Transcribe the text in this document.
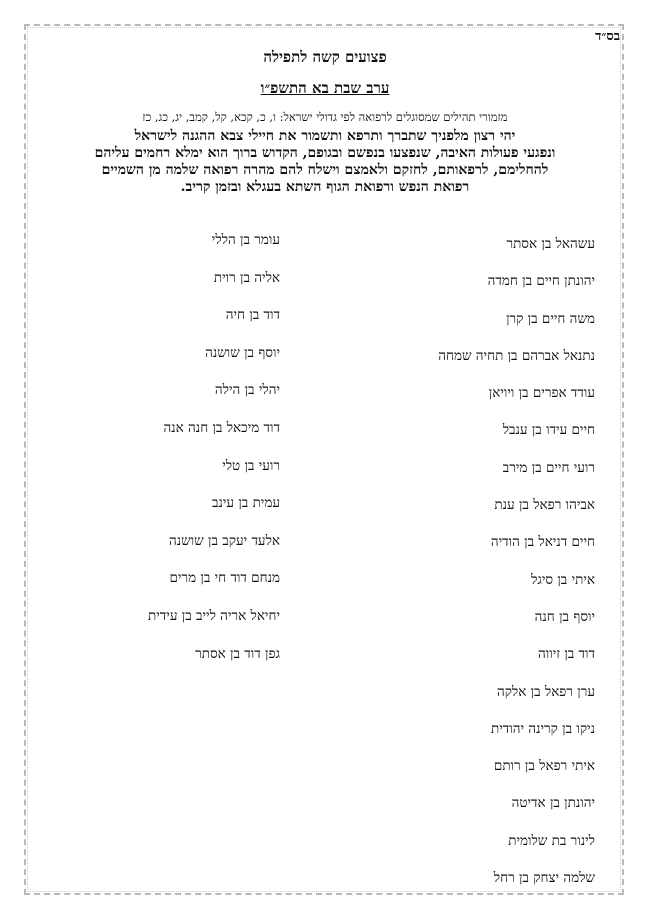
בס״ד
פצועים קשה לתפילה
ערב שבת בא התשפ״ו
מזמורי תהילים שמסוגלים לרפואה לפי גדולי ישראל: ו, כ, קכא, קל, קמב, יג, כג, כז
יהי רצון מלפניך שתברך ותרפא ותשמור את חיילי צבא ההגנה לישראל
ונפגעי פעולות האיבה, שנפצעו בנפשם ובגופם, הקדוש ברוך הוא ימלא רחמים עליהם
להחלימם, לרפאותם, לחזקם ולאמצם וישלח להם מהרה רפואה שלמה מן השמיים
רפואת הנפש ורפואת הגוף השתא בעגלא ובזמן קריב.
עשהאל בן אסתר
יהונתן חיים בן חמדה
משה חיים בן קרן
נתנאל אברהם בן תחיה שמחה
עודד אפרים בן ויויאן
חיים עידו בן ענבל
רועי חיים בן מירב
אביהו רפאל בן ענת
חיים דניאל בן הודיה
איתי בן סיגל
יוסף בן חנה
דוד בן זיווה
ערן רפאל בן אלקה
ניקו בן קרינה יהודית
איתי רפאל בן רותם
יהונתן בן אדיטה
לינור בת שלומית
שלמה יצחק בן רחל
עומר בן הללי
אליה בן רוית
דוד בן חיה
יוסף בן שושנה
יהלי בן הילה
דוד מיכאל בן חנה אנה
רועי בן טלי
עמית בן עינב
אלעד יעקב בן שושנה
מנחם דוד חי בן מרים
יחיאל אריה לייב בן עידית
גפן דוד בן אסתר
